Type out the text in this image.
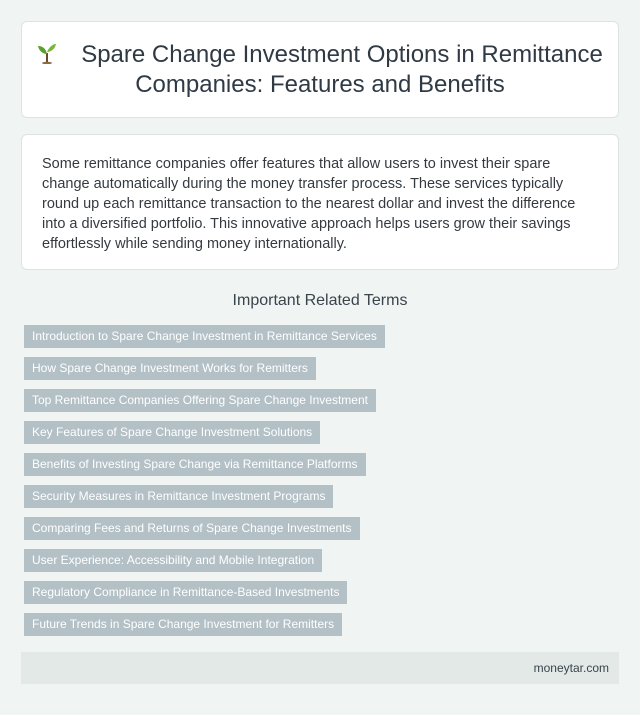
Spare Change Investment Options in Remittance Companies: Features and Benefits

Some remittance companies offer features that allow users to invest their spare change automatically during the money transfer process. These services typically round up each remittance transaction to the nearest dollar and invest the difference into a diversified portfolio. This innovative approach helps users grow their savings effortlessly while sending money internationally.

Important Related Terms
Introduction to Spare Change Investment in Remittance Services
How Spare Change Investment Works for Remitters
Top Remittance Companies Offering Spare Change Investment
Key Features of Spare Change Investment Solutions
Benefits of Investing Spare Change via Remittance Platforms
Security Measures in Remittance Investment Programs
Comparing Fees and Returns of Spare Change Investments
User Experience: Accessibility and Mobile Integration
Regulatory Compliance in Remittance-Based Investments
Future Trends in Spare Change Investment for Remitters
moneytar.com
